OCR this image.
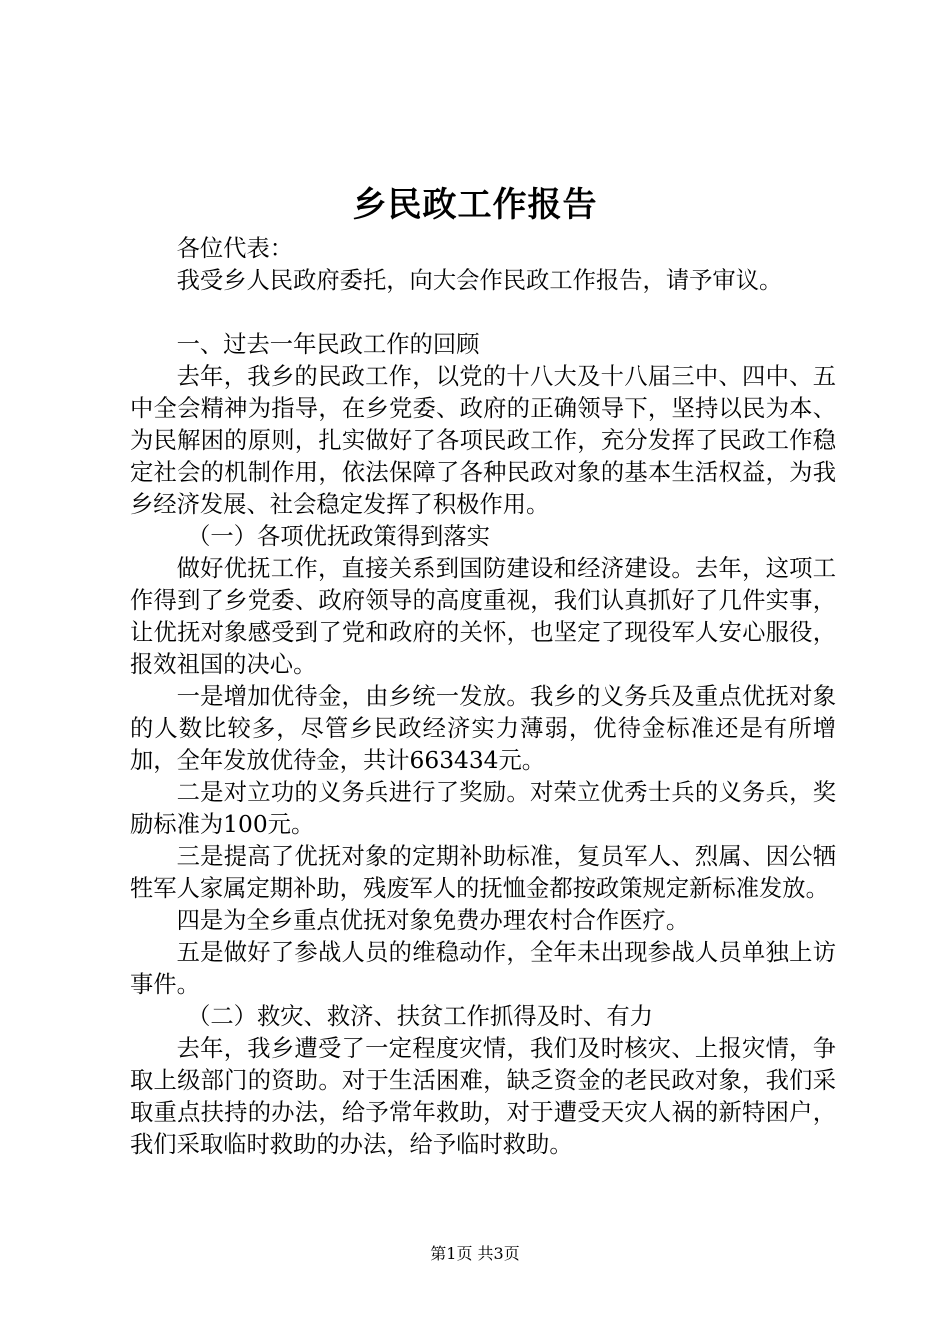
乡民政工作报告

各位代表：

我受乡人民政府委托，向大会作民政工作报告，请予审议。

一、过去一年民政工作的回顾

去年，我乡的民政工作，以党的十八大及十八届三中、四中、五中全会精神为指导，在乡党委、政府的正确领导下，坚持以民为本、为民解困的原则，扎实做好了各项民政工作，充分发挥了民政工作稳定社会的机制作用，依法保障了各种民政对象的基本生活权益，为我乡经济发展、社会稳定发挥了积极作用。

（一）各项优抚政策得到落实

做好优抚工作，直接关系到国防建设和经济建设。去年，这项工作得到了乡党委、政府领导的高度重视，我们认真抓好了几件实事，让优抚对象感受到了党和政府的关怀，也坚定了现役军人安心服役，报效祖国的决心。

一是增加优待金，由乡统一发放。我乡的义务兵及重点优抚对象的人数比较多，尽管乡民政经济实力薄弱，优待金标准还是有所增加，全年发放优待金，共计663434元。

二是对立功的义务兵进行了奖励。对荣立优秀士兵的义务兵，奖励标准为100元。

三是提高了优抚对象的定期补助标准，复员军人、烈属、因公牺牲军人家属定期补助，残废军人的抚恤金都按政策规定新标准发放。

四是为全乡重点优抚对象免费办理农村合作医疗。

五是做好了参战人员的维稳动作，全年未出现参战人员单独上访事件。

（二）救灾、救济、扶贫工作抓得及时、有力

去年，我乡遭受了一定程度灾情，我们及时核灾、上报灾情，争取上级部门的资助。对于生活困难，缺乏资金的老民政对象，我们采取重点扶持的办法，给予常年救助，对于遭受天灾人祸的新特困户，我们采取临时救助的办法，给予临时救助。

第1页 共3页
